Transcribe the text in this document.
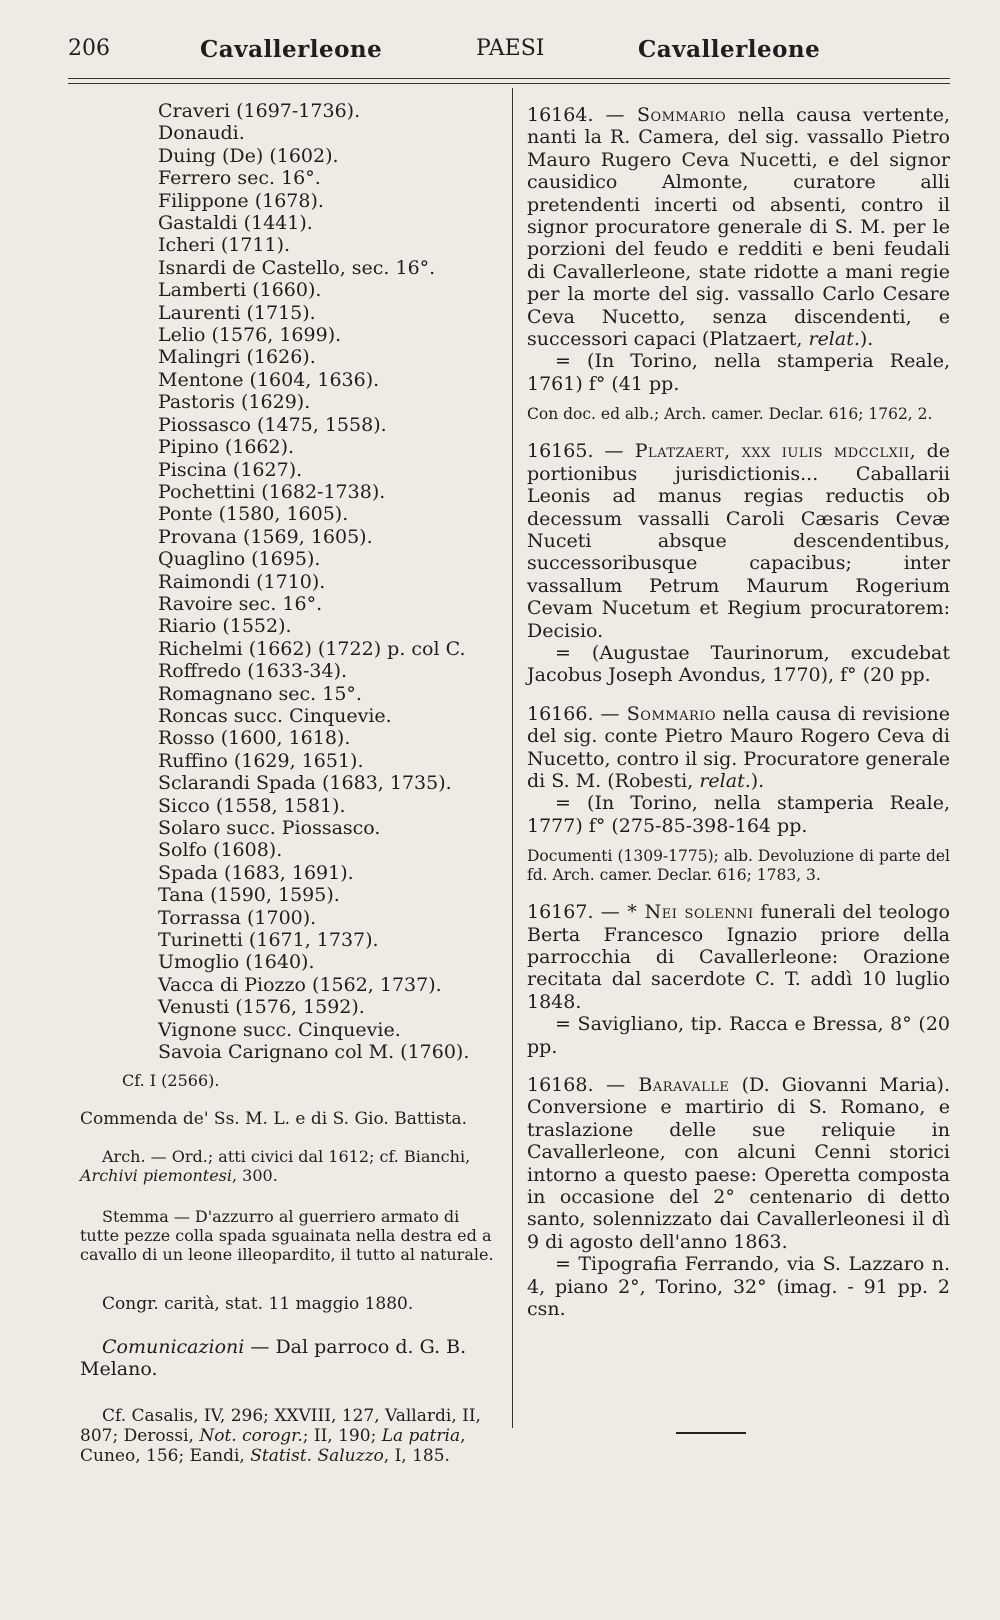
206	Cavallerleone	PAESI	Cavallerleone
Craveri (1697-1736).
Donaudi.
Duing (De) (1602).
Ferrero sec. 16°.
Filippone (1678).
Gastaldi (1441).
Icheri (1711).
Isnardi de Castello, sec. 16°.
Lamberti (1660).
Laurenti (1715).
Lelio (1576, 1699).
Malingri (1626).
Mentone (1604, 1636).
Pastoris (1629).
Piossasco (1475, 1558).
Pipino (1662).
Piscina (1627).
Pochettini (1682-1738).
Ponte (1580, 1605).
Provana (1569, 1605).
Quaglino (1695).
Raimondi (1710).
Ravoire sec. 16°.
Riario (1552).
Richelmi (1662) (1722) p. col C.
Roffredo (1633-34).
Romagnano sec. 15°.
Roncas succ. Cinquevie.
Rosso (1600, 1618).
Ruffino (1629, 1651).
Sclarandi Spada (1683, 1735).
Sicco (1558, 1581).
Solaro succ. Piossasco.
Solfo (1608).
Spada (1683, 1691).
Tana (1590, 1595).
Torrassa (1700).
Turinetti (1671, 1737).
Umoglio (1640).
Vacca di Piozzo (1562, 1737).
Venusti (1576, 1592).
Vignone succ. Cinquevie.
Savoia Carignano col M. (1760).

Cf. I (2566).

Commenda de' Ss. M. L. e di S. Gio. Battista.

Arch. — Ord.; atti civici dal 1612; cf. Bianchi, Archivi piemontesi, 300.

Stemma — D'azzurro al guerriero armato di tutte pezze colla spada sguainata nella destra ed a cavallo di un leone illeopardito, il tutto al naturale.

Congr. carità, stat. 11 maggio 1880.

Comunicazioni — Dal parroco d. G. B. Melano.

Cf. Casalis, IV, 296; XXVIII, 127, Vallardi, II, 807; Derossi, Not. corogr.; II, 190; La patria, Cuneo, 156; Eandi, Statist. Saluzzo, I, 185.

16164. — Sommario nella causa vertente, nanti la R. Camera, del sig. vassallo Pietro Mauro Rugero Ceva Nucetti, e del signor causidico Almonte, curatore alli pretendenti incerti od absenti, contro il signor procuratore generale di S. M. per le porzioni del feudo e redditi e beni feudali di Cavallerleone, state ridotte a mani regie per la morte del sig. vassallo Carlo Cesare Ceva Nucetto, senza discendenti, e successori capaci (Platzaert, relat.).
= (In Torino, nella stamperia Reale, 1761) f° (41 pp.
Con doc. ed alb.; Arch. camer. Declar. 616; 1762, 2.

16165. — Platzaert, xxx iulis mdcclxii, de portionibus jurisdictionis... Caballarii Leonis ad manus regias reductis ob decessum vassalli Caroli Cæsaris Cevæ Nuceti absque descendentibus, successoribusque capacibus; inter vassallum Petrum Maurum Rogerium Cevam Nucetum et Regium procuratorem: Decisio.
= (Augustae Taurinorum, excudebat Jacobus Joseph Avondus, 1770), f° (20 pp.

16166. — Sommario nella causa di revisione del sig. conte Pietro Mauro Rogero Ceva di Nucetto, contro il sig. Procuratore generale di S. M. (Robesti, relat.).
= (In Torino, nella stamperia Reale, 1777) f° (275-85-398-164 pp.
Documenti (1309-1775); alb. Devoluzione di parte del fd. Arch. camer. Declar. 616; 1783, 3.

16167. — * Nei solenni funerali del teologo Berta Francesco Ignazio priore della parrocchia di Cavallerleone: Orazione recitata dal sacerdote C. T. addì 10 luglio 1848.
= Savigliano, tip. Racca e Bressa, 8° (20 pp.

16168. — Baravalle (D. Giovanni Maria). Conversione e martirio di S. Romano, e traslazione delle sue reliquie in Cavallerleone, con alcuni Cenni storici intorno a questo paese: Operetta composta in occasione del 2° centenario di detto santo, solennizzato dai Cavallerleonesi il dì 9 di agosto dell'anno 1863.
= Tipografia Ferrando, via S. Lazzaro n. 4, piano 2°, Torino, 32° (imag. - 91 pp. 2 csn.
